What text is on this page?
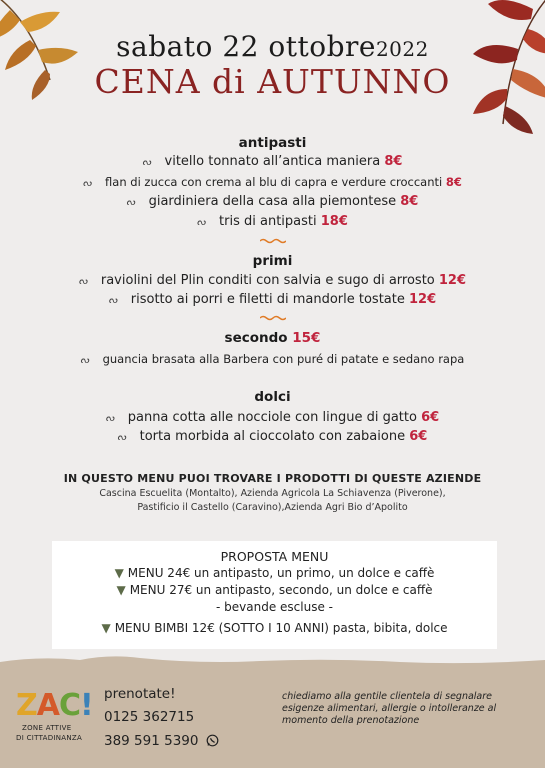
sabato 22 ottobre2022
CENA di AUTUNNO
antipasti
ᔓ vitello tonnato all’antica maniera 8€
ᔓ flan di zucca con crema al blu di capra e verdure croccanti 8€
ᔓ giardiniera della casa alla piemontese 8€
ᔓ tris di antipasti 18€
primi
ᔓ raviolini del Plin conditi con salvia e sugo di arrosto 12€
ᔓ risotto ai porri e filetti di mandorle tostate 12€
secondo 15€
ᔓ guancia brasata alla Barbera con puré di patate e sedano rapa
dolci
ᔓ panna cotta alle nocciole con lingue di gatto 6€
ᔓ torta morbida al cioccolato con zabaione 6€
IN QUESTO MENU PUOI TROVARE I PRODOTTI DI QUESTE AZIENDE
Cascina Escuelita (Montalto), Azienda Agricola La Schiavenza (Piverone),
Pastificio il Castello (Caravino),Azienda Agri Bio d’Apolito
PROPOSTA MENU
▼ MENU 24€ un antipasto, un primo, un dolce e caffè
▼ MENU 27€ un antipasto, secondo, un dolce e caffè
- bevande escluse -
▼ MENU BIMBI 12€ (SOTTO I 10 ANNI) pasta, bibita, dolce
ZAC!
ZONE ATTIVE
DI CITTADINANZA
prenotate!
0125 362715
389 591 5390
chiediamo alla gentile clientela di segnalare esigenze alimentari, allergie o intolleranze al momento della prenotazione
